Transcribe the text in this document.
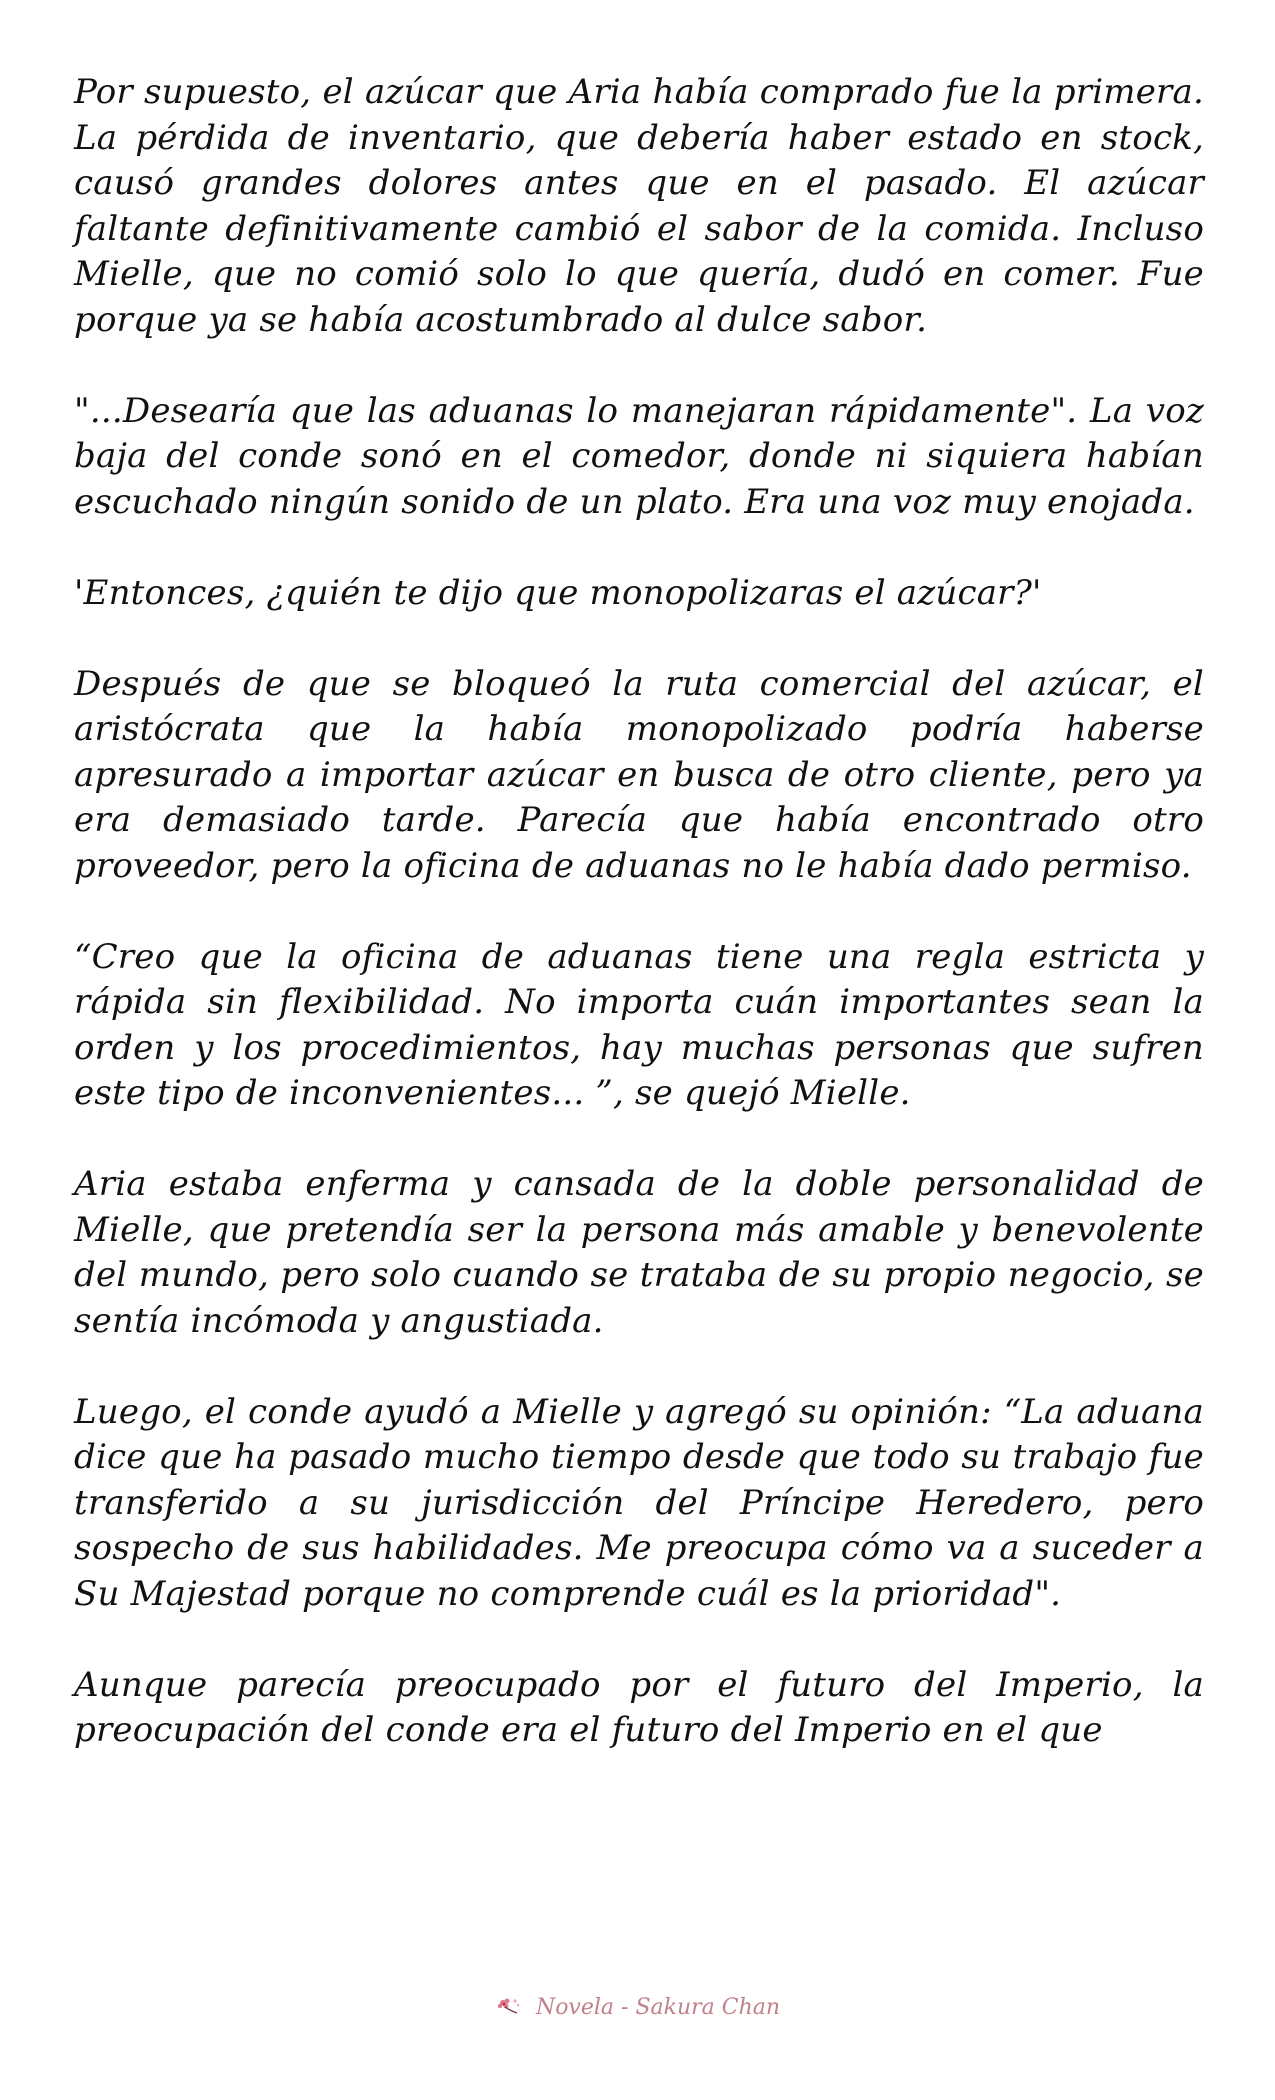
Por supuesto, el azúcar que Aria había comprado fue la primera. La pérdida de inventario, que debería haber estado en stock, causó grandes dolores antes que en el pasado. El azúcar faltante definitivamente cambió el sabor de la comida. Incluso Mielle, que no comió solo lo que quería, dudó en comer. Fue porque ya se había acostumbrado al dulce sabor.

"...Desearía que las aduanas lo manejaran rápidamente". La voz baja del conde sonó en el comedor, donde ni siquiera habían escuchado ningún sonido de un plato. Era una voz muy enojada.

'Entonces, ¿quién te dijo que monopolizaras el azúcar?'

Después de que se bloqueó la ruta comercial del azúcar, el aristócrata que la había monopolizado podría haberse apresurado a importar azúcar en busca de otro cliente, pero ya era demasiado tarde. Parecía que había encontrado otro proveedor, pero la oficina de aduanas no le había dado permiso.

“Creo que la oficina de aduanas tiene una regla estricta y rápida sin flexibilidad. No importa cuán importantes sean la orden y los procedimientos, hay muchas personas que sufren este tipo de inconvenientes... ”, se quejó Mielle.

Aria estaba enferma y cansada de la doble personalidad de Mielle, que pretendía ser la persona más amable y benevolente del mundo, pero solo cuando se trataba de su propio negocio, se sentía incómoda y angustiada.

Luego, el conde ayudó a Mielle y agregó su opinión: “La aduana dice que ha pasado mucho tiempo desde que todo su trabajo fue transferido a su jurisdicción del Príncipe Heredero, pero sospecho de sus habilidades. Me preocupa cómo va a suceder a Su Majestad porque no comprende cuál es la prioridad".

Aunque parecía preocupado por el futuro del Imperio, la preocupación del conde era el futuro del Imperio en el que

Novela - Sakura Chan
